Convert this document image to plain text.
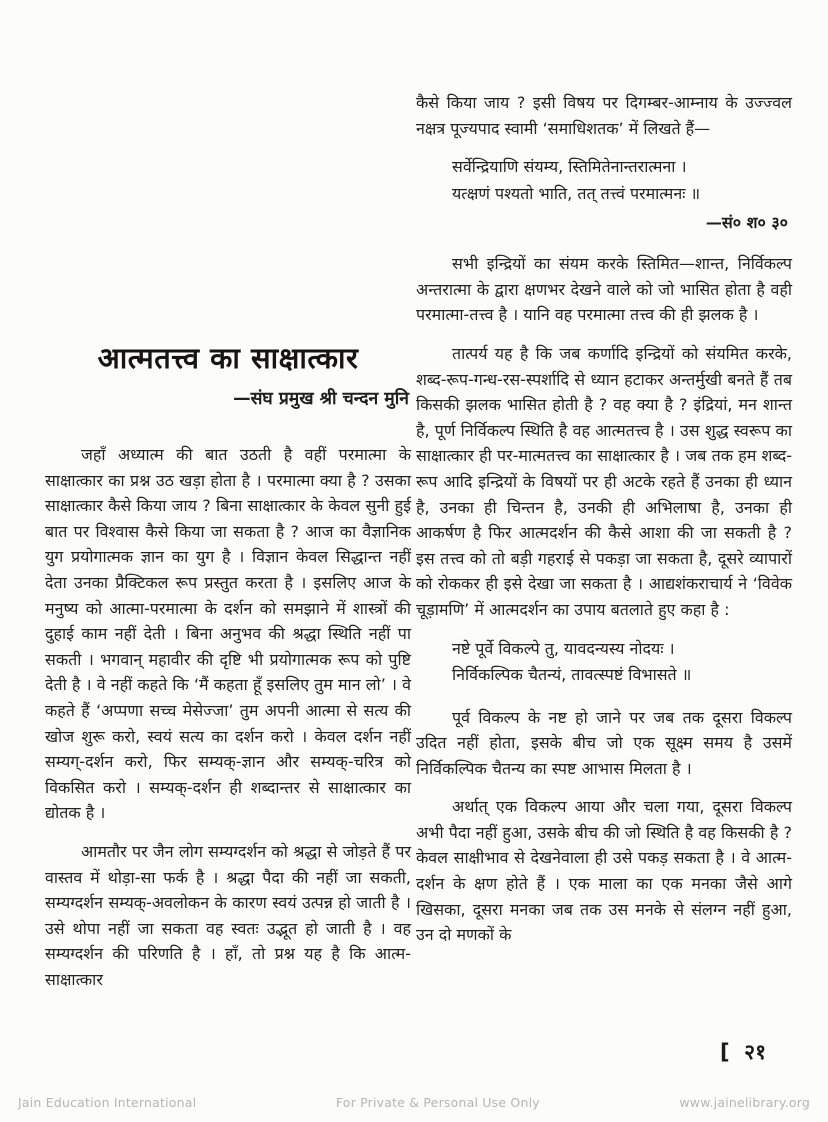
आत्मतत्त्व का साक्षात्कार
—संघ प्रमुख श्री चन्दन मुनि

जहाँ अध्यात्म की बात उठती है वहीं परमात्मा के साक्षात्कार का प्रश्न उठ खड़ा होता है । परमात्मा क्या है ? उसका साक्षात्कार कैसे किया जाय ? बिना साक्षात्कार के केवल सुनी हुई बात पर विश्वास कैसे किया जा सकता है ? आज का वैज्ञानिक युग प्रयोगात्मक ज्ञान का युग है । विज्ञान केवल सिद्धान्त नहीं देता उनका प्रैक्टिकल रूप प्रस्तुत करता है । इसलिए आज के मनुष्य को आत्मा-परमात्मा के दर्शन को समझाने में शास्त्रों की दुहाई काम नहीं देती । बिना अनुभव की श्रद्धा स्थिति नहीं पा सकती । भगवान् महावीर की दृष्टि भी प्रयोगात्मक रूप को पुष्टि देती है । वे नहीं कहते कि ‘मैं कहता हूँ इसलिए तुम मान लो’ । वे कहते हैं ‘अप्पणा सच्च मेसेज्जा’ तुम अपनी आत्मा से सत्य की खोज शुरू करो, स्वयं सत्य का दर्शन करो । केवल दर्शन नहीं सम्यग्-दर्शन करो, फिर सम्यक्-ज्ञान और सम्यक्-चरित्र को विकसित करो । सम्यक्-दर्शन ही शब्दान्तर से साक्षात्कार का द्योतक है ।

आमतौर पर जैन लोग सम्यग्दर्शन को श्रद्धा से जोड़ते हैं पर वास्तव में थोड़ा-सा फर्क है । श्रद्धा पैदा की नहीं जा सकती, सम्यग्दर्शन सम्यक्-अवलोकन के कारण स्वयं उत्पन्न हो जाती है । उसे थोपा नहीं जा सकता वह स्वतः उद्भूत हो जाती है । वह सम्यग्दर्शन की परिणति है । हाँ, तो प्रश्न यह है कि आत्म-साक्षात्कार

कैसे किया जाय ? इसी विषय पर दिगम्बर-आम्नाय के उज्ज्वल नक्षत्र पूज्यपाद स्वामी ‘समाधिशतक’ में लिखते हैं—

सर्वेन्द्रियाणि संयम्य, स्तिमितेनान्तरात्मना ।
यत्क्षणं पश्यतो भाति, तत् तत्त्वं परमात्मनः ॥
—सं० श० ३०

सभी इन्द्रियों का संयम करके स्तिमित—शान्त, निर्विकल्प अन्तरात्मा के द्वारा क्षणभर देखने वाले को जो भासित होता है वही परमात्मा-तत्त्व है । यानि वह परमात्मा तत्त्व की ही झलक है ।

तात्पर्य यह है कि जब कर्णादि इन्द्रियों को संयमित करके, शब्द-रूप-गन्ध-रस-स्पर्शादि से ध्यान हटाकर अन्तर्मुखी बनते हैं तब किसकी झलक भासित होती है ? वह क्या है ? इंद्रियां, मन शान्त है, पूर्ण निर्विकल्प स्थिति है वह आत्मतत्त्व है । उस शुद्ध स्वरूप का साक्षात्कार ही पर-मात्मतत्त्व का साक्षात्कार है । जब तक हम शब्द-रूप आदि इन्द्रियों के विषयों पर ही अटके रहते हैं उनका ही ध्यान है, उनका ही चिन्तन है, उनकी ही अभिलाषा है, उनका ही आकर्षण है फिर आत्मदर्शन की कैसे आशा की जा सकती है ? इस तत्त्व को तो बड़ी गहराई से पकड़ा जा सकता है, दूसरे व्यापारों को रोककर ही इसे देखा जा सकता है । आद्यशंकराचार्य ने ‘विवेक चूड़ामणि’ में आत्मदर्शन का उपाय बतलाते हुए कहा है :

नष्टे पूर्वे विकल्पे तु, यावदन्यस्य नोदयः ।
निर्विकल्पिक चैतन्यं, तावत्स्पष्टं विभासते ॥

पूर्व विकल्प के नष्ट हो जाने पर जब तक दूसरा विकल्प उदित नहीं होता, इसके बीच जो एक सूक्ष्म समय है उसमें निर्विकल्पिक चैतन्य का स्पष्ट आभास मिलता है ।

अर्थात् एक विकल्प आया और चला गया, दूसरा विकल्प अभी पैदा नहीं हुआ, उसके बीच की जो स्थिति है वह किसकी है ? केवल साक्षीभाव से देखनेवाला ही उसे पकड़ सकता है । वे आत्म-दर्शन के क्षण होते हैं । एक माला का एक मनका जैसे आगे खिसका, दूसरा मनका जब तक उस मनके से संलग्न नहीं हुआ, उन दो मणकों के

[  २१
Jain Education International	For Private & Personal Use Only	www.jainelibrary.org
